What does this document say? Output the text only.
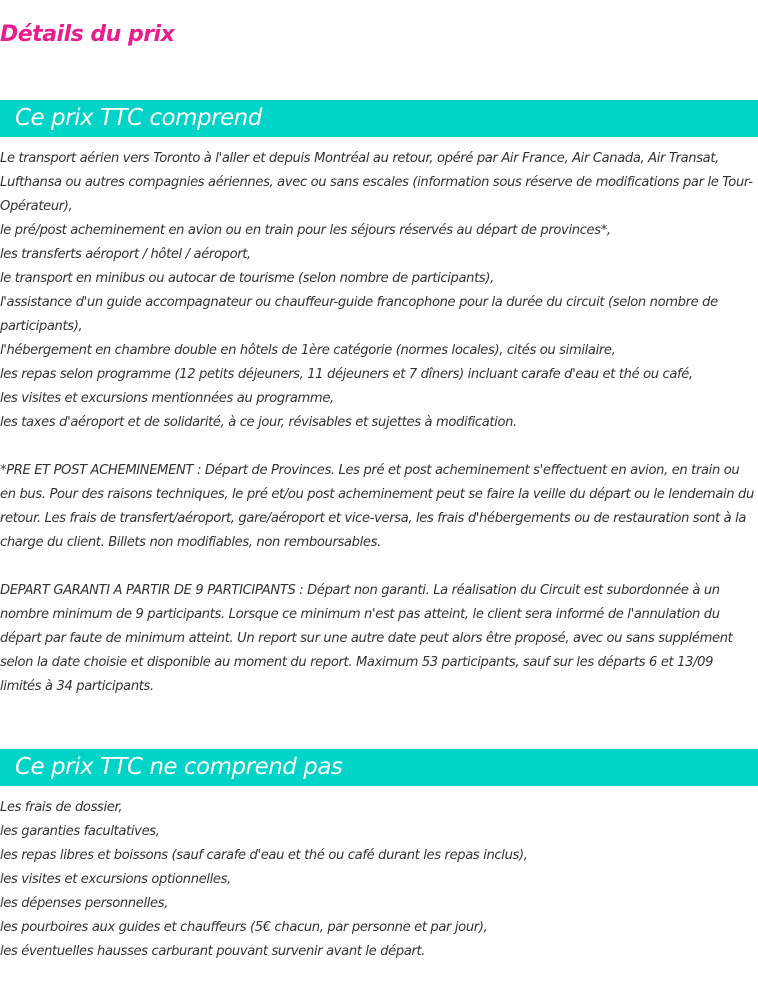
Détails du prix
Ce prix TTC comprend
Le transport aérien vers Toronto à l'aller et depuis Montréal au retour, opéré par Air France, Air Canada, Air Transat, Lufthansa ou autres compagnies aériennes, avec ou sans escales (information sous réserve de modifications par le Tour-Opérateur),
le pré/post acheminement en avion ou en train pour les séjours réservés au départ de provinces*,
les transferts aéroport / hôtel / aéroport,
le transport en minibus ou autocar de tourisme (selon nombre de participants),
l'assistance d'un guide accompagnateur ou chauffeur-guide francophone pour la durée du circuit (selon nombre de participants),
l'hébergement en chambre double en hôtels de 1ère catégorie (normes locales), cités ou similaire,
les repas selon programme (12 petits déjeuners, 11 déjeuners et 7 dîners) incluant carafe d'eau et thé ou café,
les visites et excursions mentionnées au programme,
les taxes d'aéroport et de solidarité, à ce jour, révisables et sujettes à modification.

*PRE ET POST ACHEMINEMENT : Départ de Provinces. Les pré et post acheminement s'effectuent en avion, en train ou en bus. Pour des raisons techniques, le pré et/ou post acheminement peut se faire la veille du départ ou le lendemain du retour. Les frais de transfert/aéroport, gare/aéroport et vice-versa, les frais d'hébergements ou de restauration sont à la charge du client. Billets non modifiables, non remboursables.

DEPART GARANTI A PARTIR DE 9 PARTICIPANTS : Départ non garanti. La réalisation du Circuit est subordonnée à un nombre minimum de 9 participants. Lorsque ce minimum n'est pas atteint, le client sera informé de l'annulation du départ par faute de minimum atteint. Un report sur une autre date peut alors être proposé, avec ou sans supplément selon la date choisie et disponible au moment du report. Maximum 53 participants, sauf sur les départs 6 et 13/09 limités à 34 participants.

Ce prix TTC ne comprend pas
Les frais de dossier,
les garanties facultatives,
les repas libres et boissons (sauf carafe d'eau et thé ou café durant les repas inclus),
les visites et excursions optionnelles,
les dépenses personnelles,
les pourboires aux guides et chauffeurs (5€ chacun, par personne et par jour),
les éventuelles hausses carburant pouvant survenir avant le départ.
